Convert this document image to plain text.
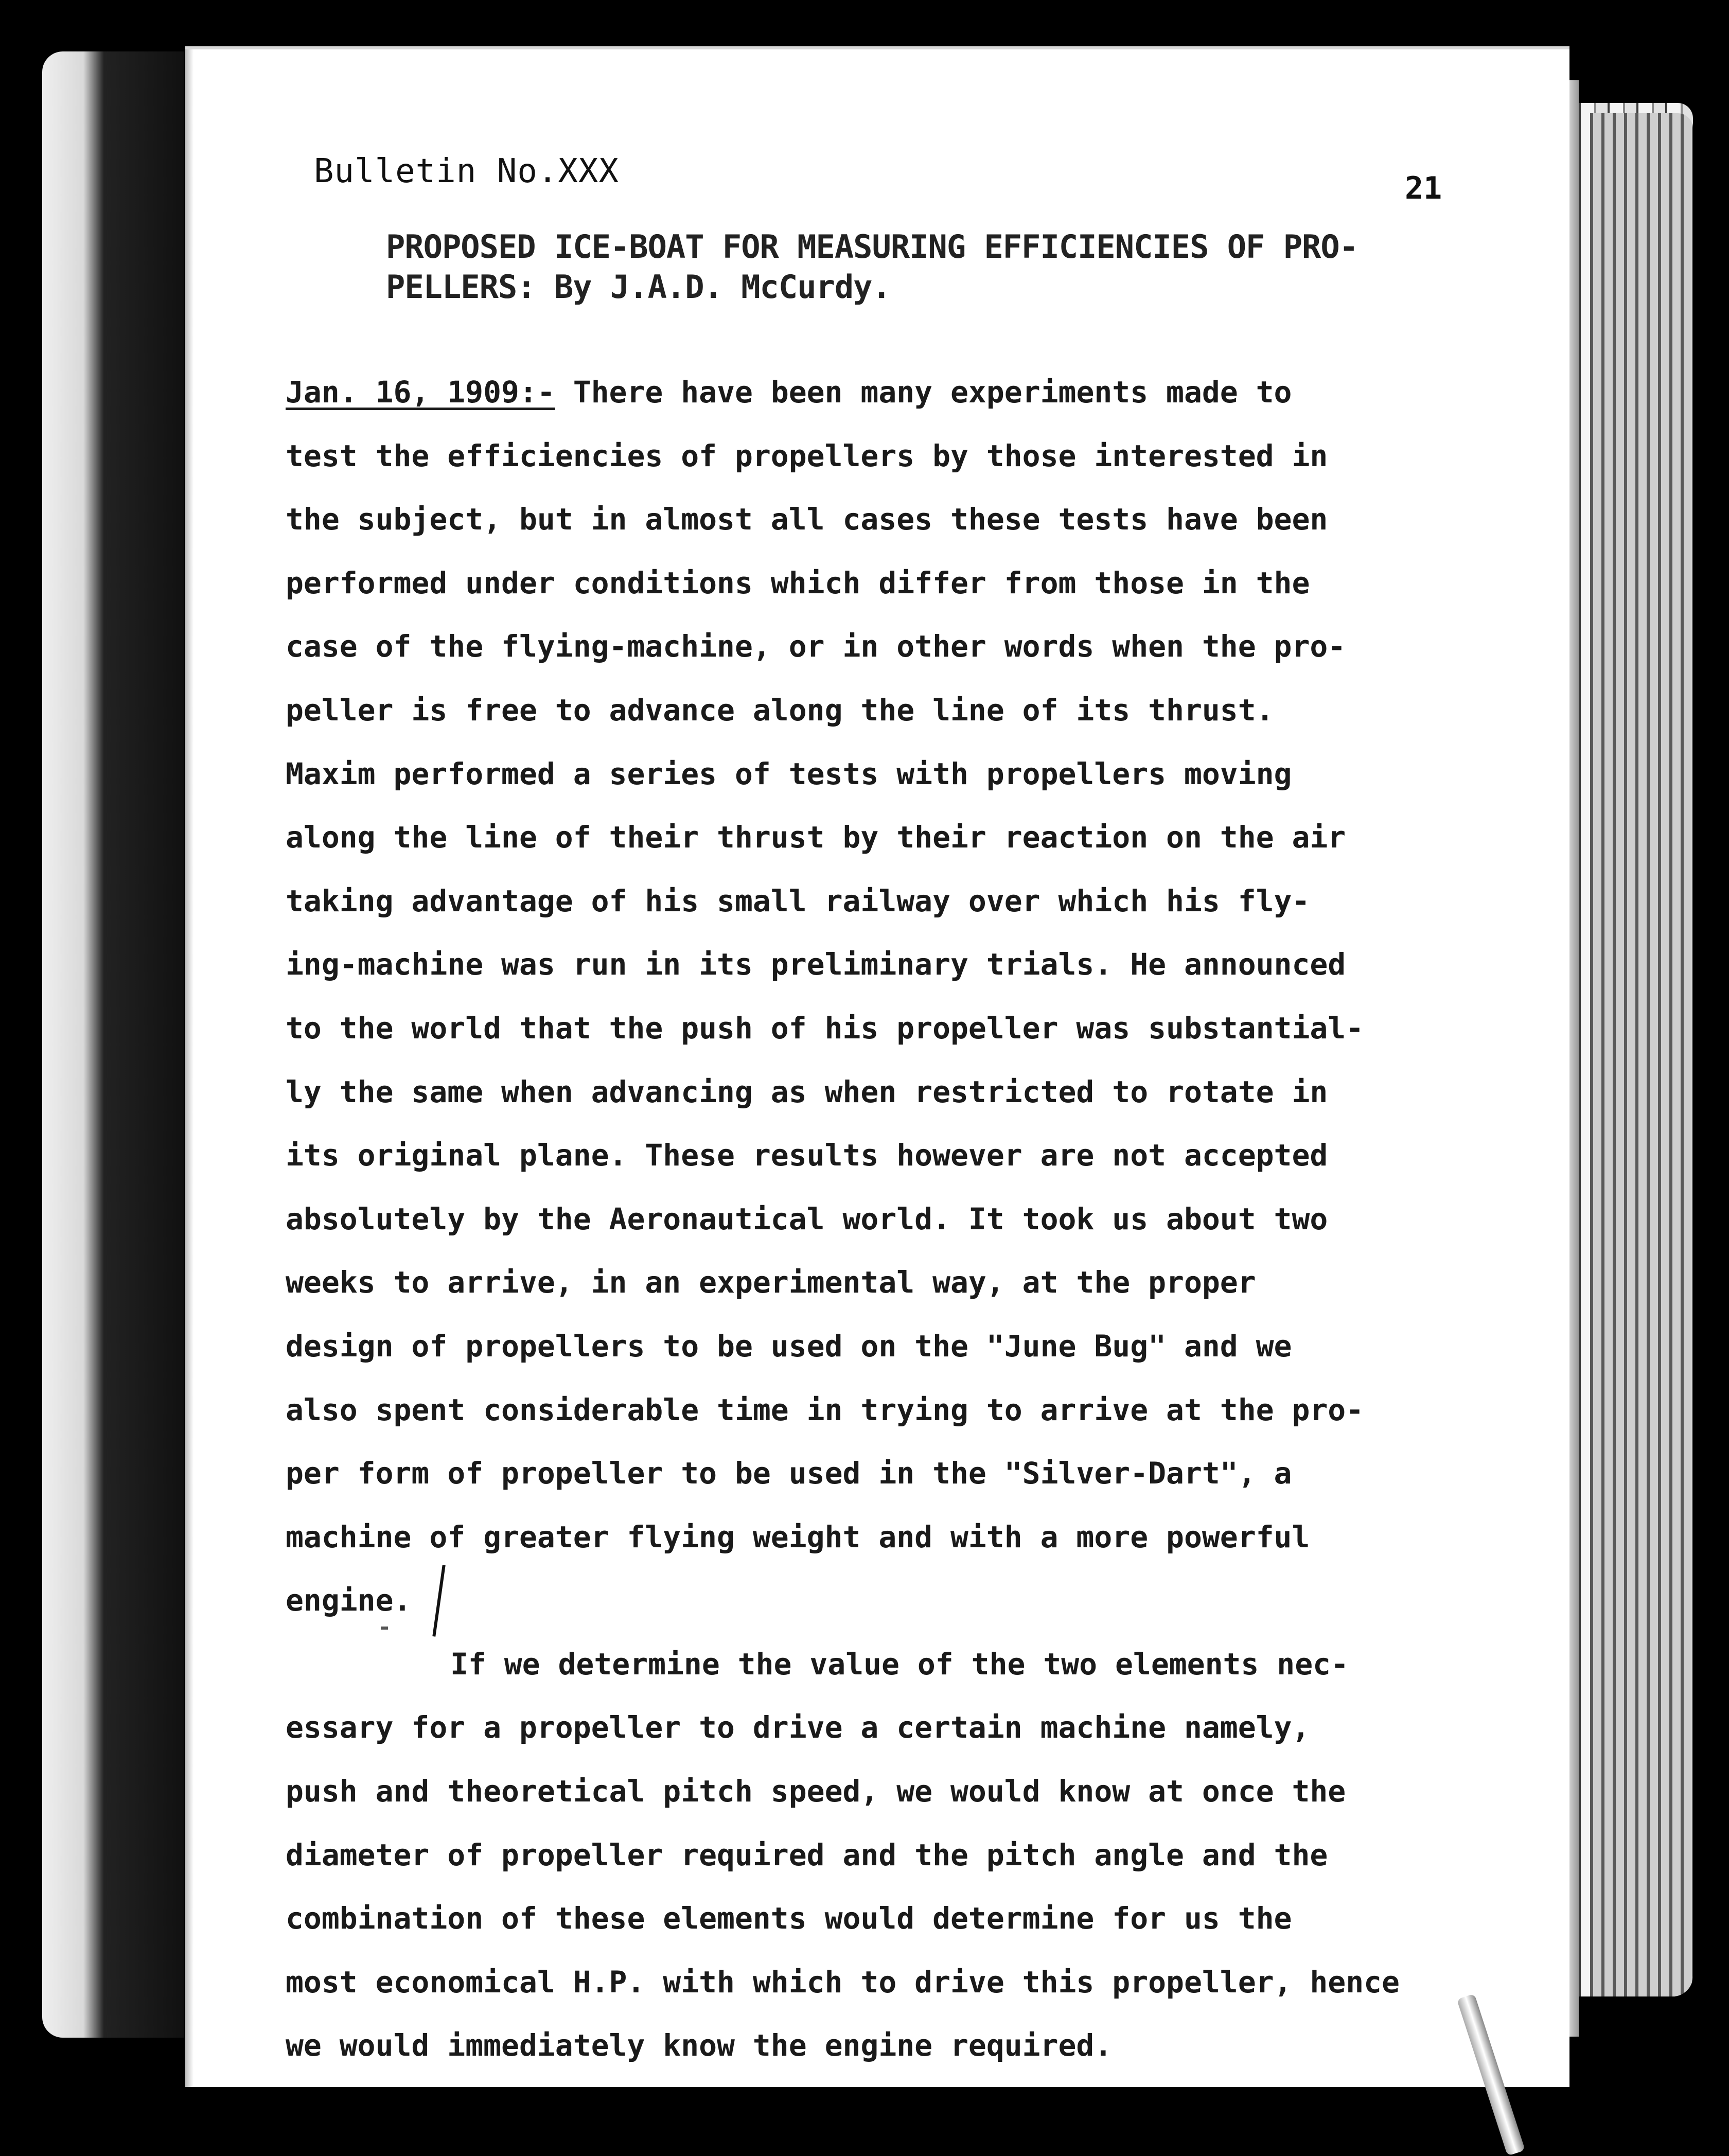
Bulletin No.XXX	21
PROPOSED ICE-BOAT FOR MEASURING EFFICIENCIES OF PRO-
PELLERS: By J.A.D. McCurdy.
Jan. 16, 1909:- There have been many experiments made to
test the efficiencies of propellers by those interested in
the subject, but in almost all cases these tests have been
performed under conditions which differ from those in the
case of the flying-machine, or in other words when the pro-
peller is free to advance along the line of its thrust.
Maxim performed a series of tests with propellers moving
along the line of their thrust by their reaction on the air
taking advantage of his small railway over which his fly-
ing-machine was run in its preliminary trials. He announced
to the world that the push of his propeller was substantial-
ly the same when advancing as when restricted to rotate in
its original plane. These results however are not accepted
absolutely by the Aeronautical world. It took us about two
weeks to arrive, in an experimental way, at the proper
design of propellers to be used on the "June Bug" and we
also spent considerable time in trying to arrive at the pro-
per form of propeller to be used in the "Silver-Dart", a
machine of greater flying weight and with a more powerful
engine.
If we determine the value of the two elements nec-
essary for a propeller to drive a certain machine namely,
push and theoretical pitch speed, we would know at once the
diameter of propeller required and the pitch angle and the
combination of these elements would determine for us the
most economical H.P. with which to drive this propeller, hence
we would immediately know the engine required.
